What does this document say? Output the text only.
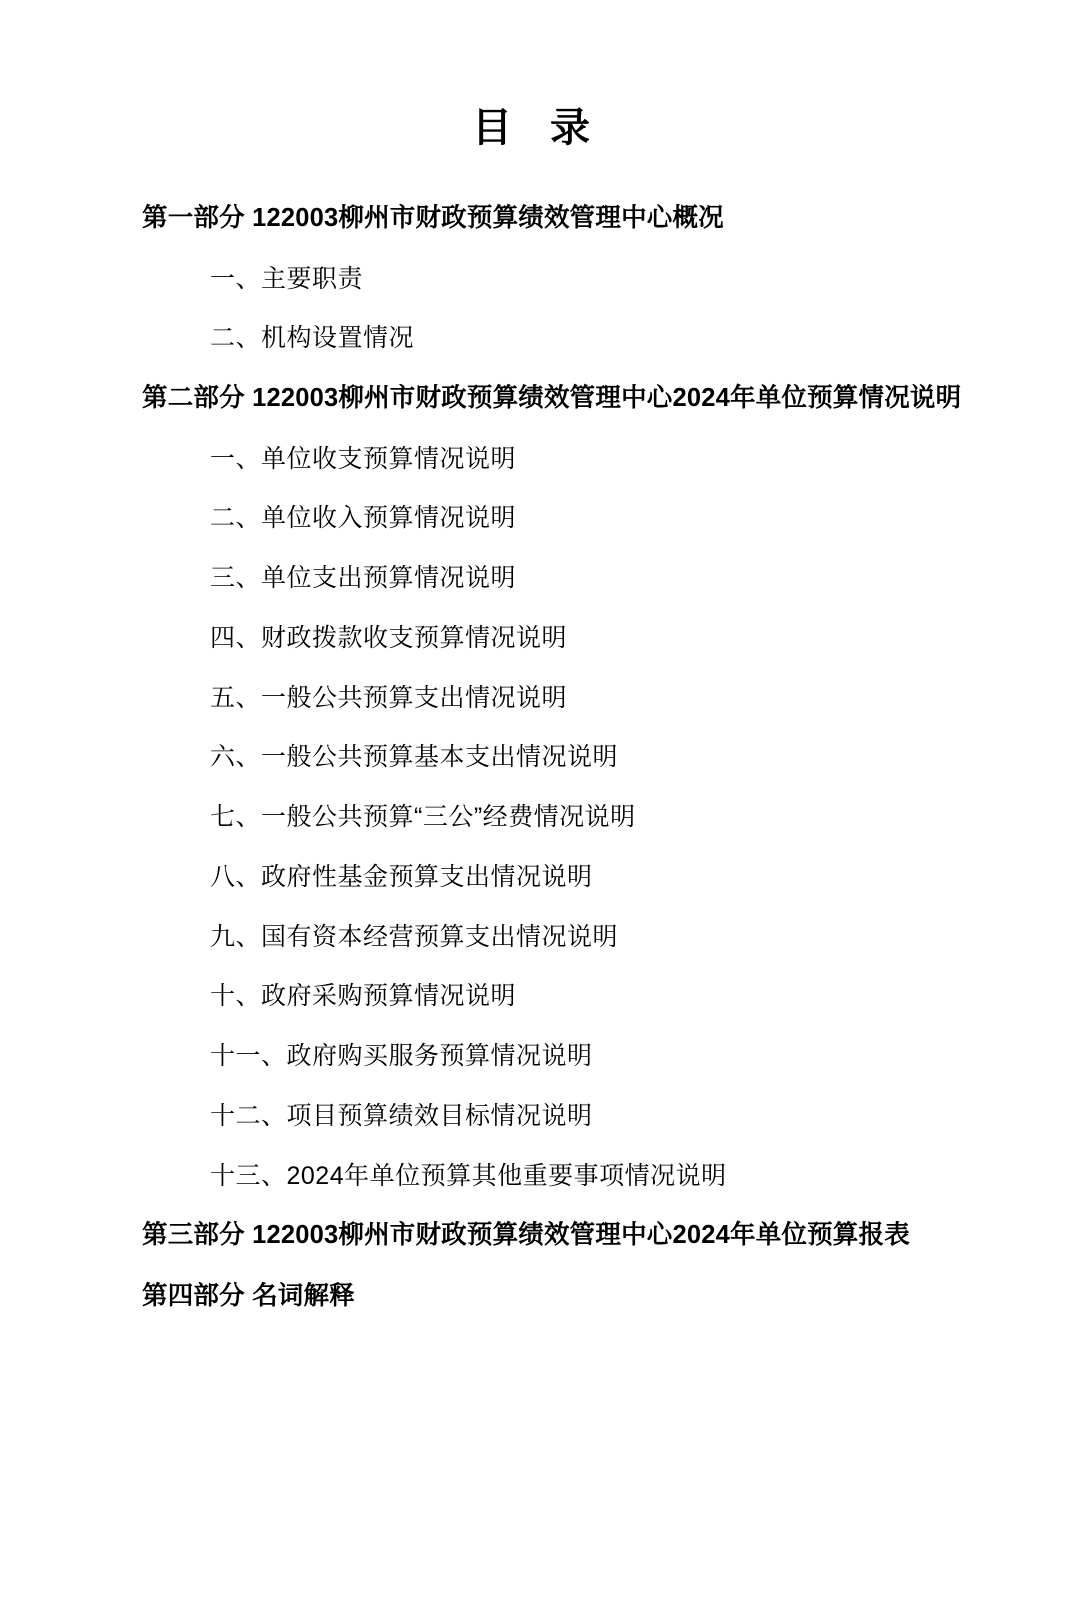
目 录
第一部分 122003柳州市财政预算绩效管理中心概况
一、主要职责
二、机构设置情况
第二部分 122003柳州市财政预算绩效管理中心2024年单位预算情况说明
一、单位收支预算情况说明
二、单位收入预算情况说明
三、单位支出预算情况说明
四、财政拨款收支预算情况说明
五、一般公共预算支出情况说明
六、一般公共预算基本支出情况说明
七、一般公共预算“三公”经费情况说明
八、政府性基金预算支出情况说明
九、国有资本经营预算支出情况说明
十、政府采购预算情况说明
十一、政府购买服务预算情况说明
十二、项目预算绩效目标情况说明
十三、2024年单位预算其他重要事项情况说明
第三部分 122003柳州市财政预算绩效管理中心2024年单位预算报表
第四部分 名词解释
